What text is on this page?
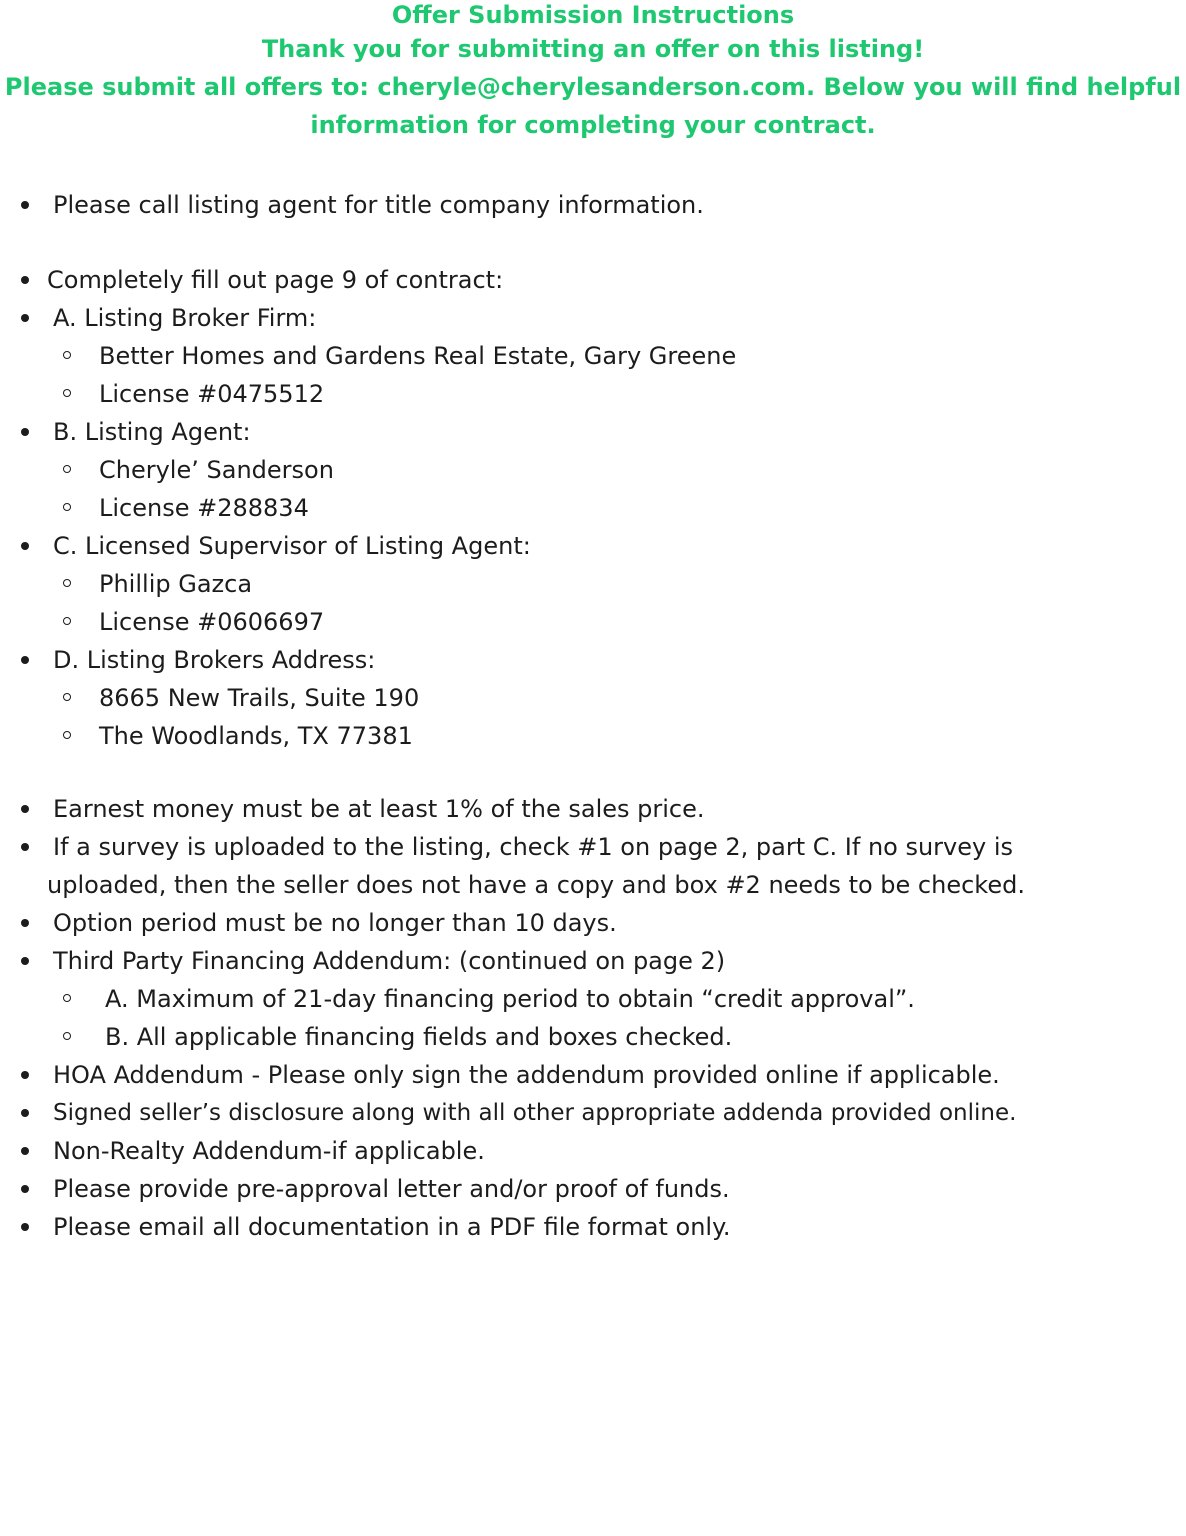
Offer Submission Instructions
Thank you for submitting an offer on this listing!
Please submit all offers to: cheryle@cherylesanderson.com. Below you will find helpful
information for completing your contract.
Please call listing agent for title company information.
Completely fill out page 9 of contract:
A. Listing Broker Firm:
Better Homes and Gardens Real Estate, Gary Greene
License #0475512
B. Listing Agent:
Cheryle’ Sanderson
License #288834
C. Licensed Supervisor of Listing Agent:
Phillip Gazca
License #0606697
D. Listing Brokers Address:
8665 New Trails, Suite 190
The Woodlands, TX 77381
Earnest money must be at least 1% of the sales price.
If a survey is uploaded to the listing, check #1 on page 2, part C. If no survey is
uploaded, then the seller does not have a copy and box #2 needs to be checked.
Option period must be no longer than 10 days.
Third Party Financing Addendum: (continued on page 2)
A. Maximum of 21-day financing period to obtain “credit approval”.
B. All applicable financing fields and boxes checked.
HOA Addendum - Please only sign the addendum provided online if applicable.
Signed seller’s disclosure along with all other appropriate addenda provided online.
Non-Realty Addendum-if applicable.
Please provide pre-approval letter and/or proof of funds.
Please email all documentation in a PDF file format only.
